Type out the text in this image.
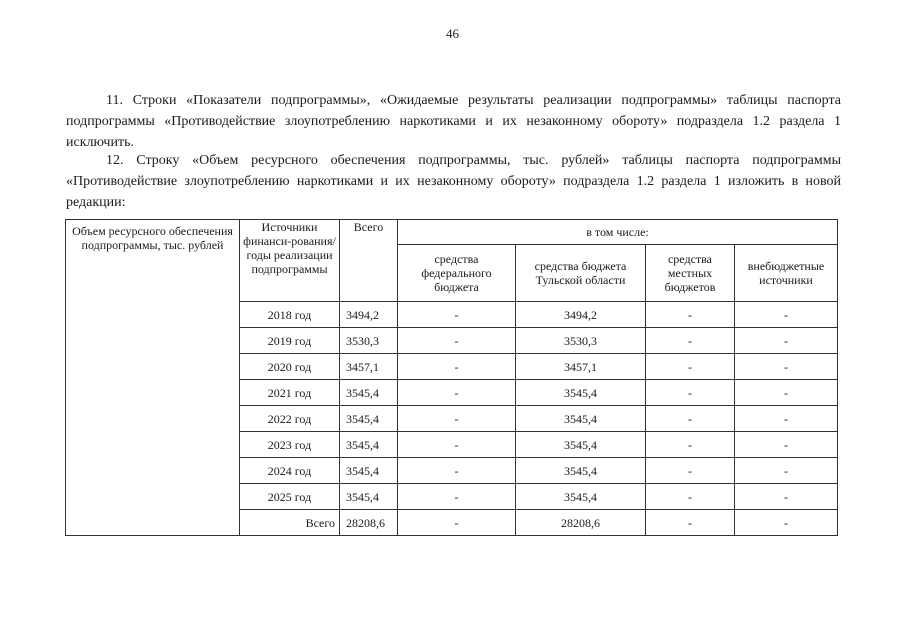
46
11. Строки «Показатели подпрограммы», «Ожидаемые результаты реализации подпрограммы» таблицы паспорта подпрограммы «Противодействие злоупотреблению наркотиками и их незаконному обороту» подраздела 1.2 раздела 1 исключить.
12. Строку «Объем ресурсного обеспечения подпрограммы, тыс. рублей» таблицы паспорта подпрограммы «Противодействие злоупотреблению наркотиками и их незаконному обороту» подраздела 1.2 раздела 1 изложить в новой редакции:
Объем ресурсного обеспечения подпрограммы, тыс. рублей	Источники финанси-рования/годы реализации подпрограммы	Всего	в том числе:			
			средства федерального бюджета	средства бюджета Тульской области	средства местных бюджетов	внебюджетные источники
	2018 год	3494,2	-	3494,2	-	-
	2019 год	3530,3	-	3530,3	-	-
	2020 год	3457,1	-	3457,1	-	-
	2021 год	3545,4	-	3545,4	-	-
	2022 год	3545,4	-	3545,4	-	-
	2023 год	3545,4	-	3545,4	-	-
	2024 год	3545,4	-	3545,4	-	-
	2025 год	3545,4	-	3545,4	-	-
	Всего	28208,6	-	28208,6	-	-
